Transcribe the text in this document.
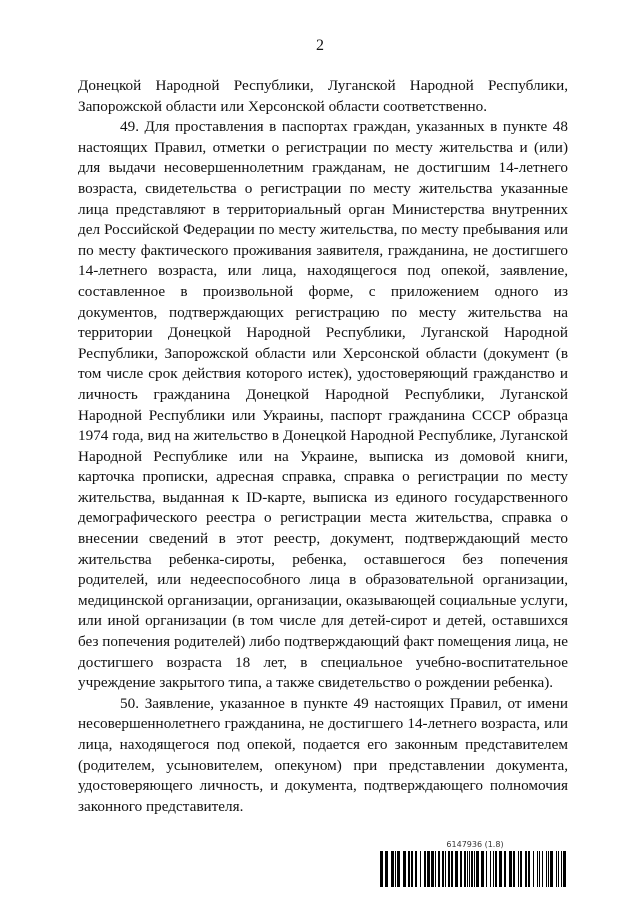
2

Донецкой Народной Республики, Луганской Народной Республики, Запорожской области или Херсонской области соответственно.

49. Для проставления в паспортах граждан, указанных в пункте 48 настоящих Правил, отметки о регистрации по месту жительства и (или) для выдачи несовершеннолетним гражданам, не достигшим 14-летнего возраста, свидетельства о регистрации по месту жительства указанные лица представляют в территориальный орган Министерства внутренних дел Российской Федерации по месту жительства, по месту пребывания или по месту фактического проживания заявителя, гражданина, не достигшего 14-летнего возраста, или лица, находящегося под опекой, заявление, составленное в произвольной форме, с приложением одного из документов, подтверждающих регистрацию по месту жительства на территории Донецкой Народной Республики, Луганской Народной Республики, Запорожской области или Херсонской области (документ (в том числе срок действия которого истек), удостоверяющий гражданство и личность гражданина Донецкой Народной Республики, Луганской Народной Республики или Украины, паспорт гражданина СССР образца 1974 года, вид на жительство в Донецкой Народной Республике, Луганской Народной Республике или на Украине, выписка из домовой книги, карточка прописки, адресная справка, справка о регистрации по месту жительства, выданная к ID-карте, выписка из единого государственного демографического реестра о регистрации места жительства, справка о внесении сведений в этот реестр, документ, подтверждающий место жительства ребенка-сироты, ребенка, оставшегося без попечения родителей, или недееспособного лица в образовательной организации, медицинской организации, организации, оказывающей социальные услуги, или иной организации (в том числе для детей-сирот и детей, оставшихся без попечения родителей) либо подтверждающий факт помещения лица, не достигшего возраста 18 лет, в специальное учебно-воспитательное учреждение закрытого типа, а также свидетельство о рождении ребенка).

50. Заявление, указанное в пункте 49 настоящих Правил, от имени несовершеннолетнего гражданина, не достигшего 14-летнего возраста, или лица, находящегося под опекой, подается его законным представителем (родителем, усыновителем, опекуном) при представлении документа, удостоверяющего личность, и документа, подтверждающего полномочия законного представителя.

6147936 (1.8)
